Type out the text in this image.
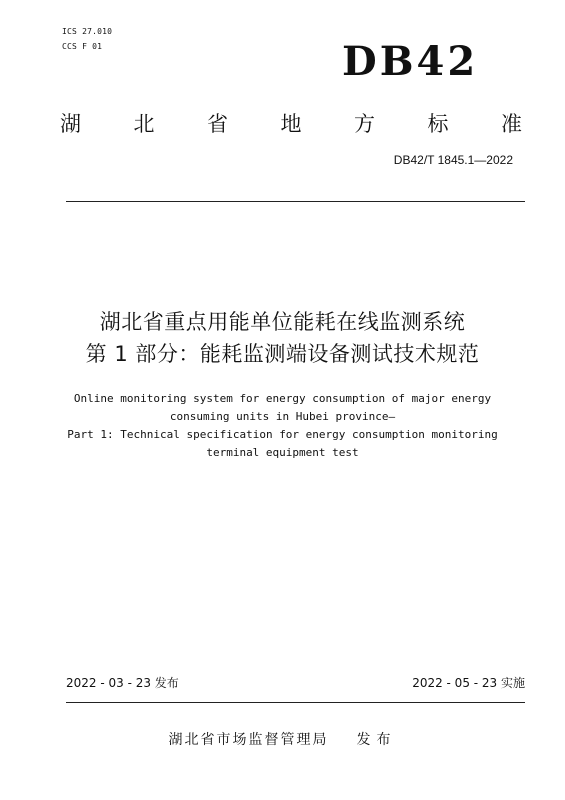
ICS 27.010
CCS F 01	DB42
湖	北	省	地	方	标	准
DB42/T 1845.1—2022
湖北省重点用能单位能耗在线监测系统
第 1 部分：能耗监测端设备测试技术规范
Online monitoring system for energy consumption of major energy
consuming units in Hubei province—
Part 1: Technical specification for energy consumption monitoring
terminal equipment test
2022 - 03 - 23 发布	2022 - 05 - 23 实施
湖北省市场监督管理局 发布
